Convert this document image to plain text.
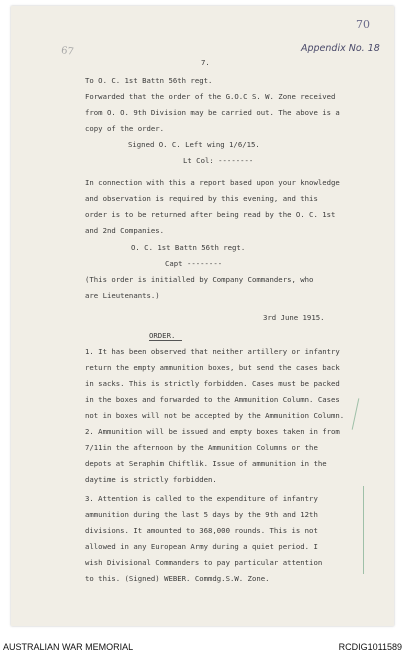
70
Appendix No. 18
67
7.
To O. C. 1st Battn 56th regt.
Forwarded that the order of the G.O.C S. W. Zone received
from O. O. 9th Division may be carried out. The above is a
copy of the order.
Signed O. C. Left wing 1/6/15.
Lt Col: --------
In connection with this a report based upon your knowledge
and observation is required by this evening, and this
order is to be returned after being read by the O. C. 1st
and 2nd Companies.
O. C. 1st Battn 56th regt.
Capt --------
(This order is initialled by Company Commanders, who
are Lieutenants.)
3rd June 1915.
ORDER.
1. It has been observed that neither artillery or infantry
return the empty ammunition boxes, but send the cases back
in sacks. This is strictly forbidden. Cases must be packed
in the boxes and forwarded to the Ammunition Column. Cases
not in boxes will not be accepted by the Ammunition Column.
2. Ammunition will be issued and empty boxes taken in from
7/11in the afternoon by the Ammunition Columns or the
depots at Seraphim Chiftlik. Issue of ammunition in the
daytime is strictly forbidden.
3. Attention is called to the expenditure of infantry
ammunition during the last 5 days by the 9th and 12th
divisions. It amounted to 368,000 rounds. This is not
allowed in any European Army during a quiet period. I
wish Divisional Commanders to pay particular attention
to this. (Signed) WEBER. Commdg.S.W. Zone.
AUSTRALIAN WAR MEMORIAL	RCDIG1011589
